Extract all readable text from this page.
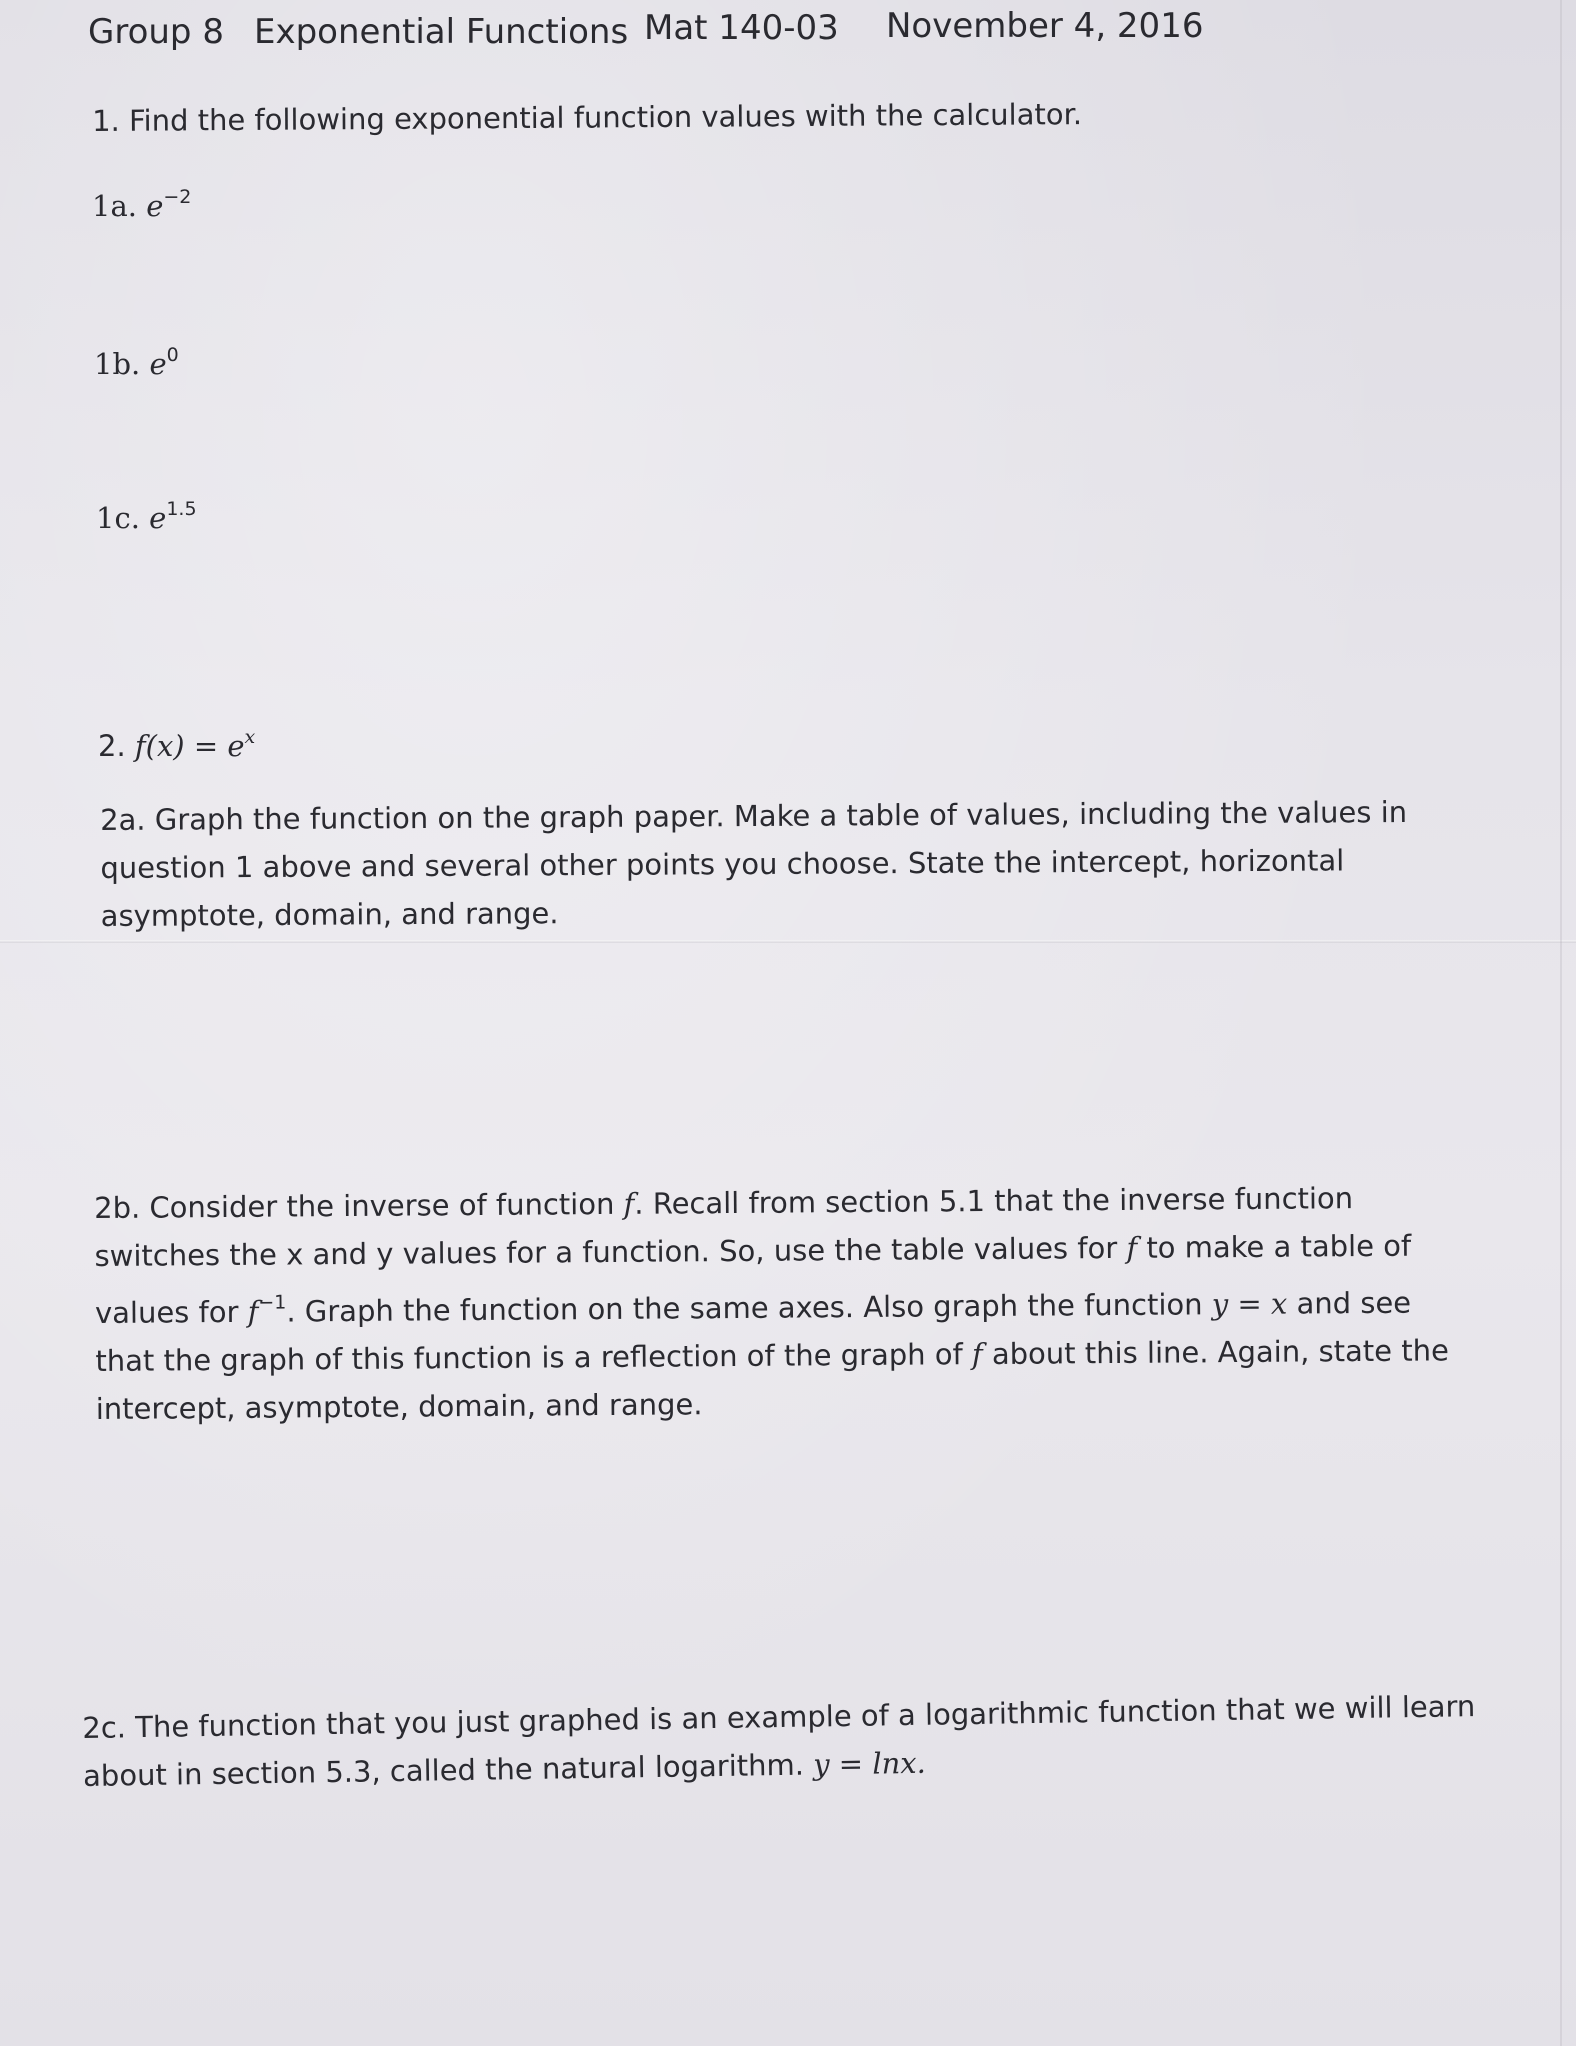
Group 8 Exponential Functions Mat 140-03 November 4, 2016
1. Find the following exponential function values with the calculator.
1a. $e^{-2}$
1b. $e^0$
1c. $e^{1.5}$
2. $f(x) = e^x$
2a. Graph the function on the graph paper. Make a table of values, including the values in
question 1 above and several other points you choose. State the intercept, horizontal
asymptote, domain, and range.
2b. Consider the inverse of function f. Recall from section 5.1 that the inverse function
switches the x and y values for a function. So, use the table values for f to make a table of
values for $f^{-1}$. Graph the function on the same axes. Also graph the function y = x and see
that the graph of this function is a reflection of the graph of f about this line. Again, state the
intercept, asymptote, domain, and range.
2c. The function that you just graphed is an example of a logarithmic function that we will learn
about in section 5.3, called the natural logarithm. y = lnx.
